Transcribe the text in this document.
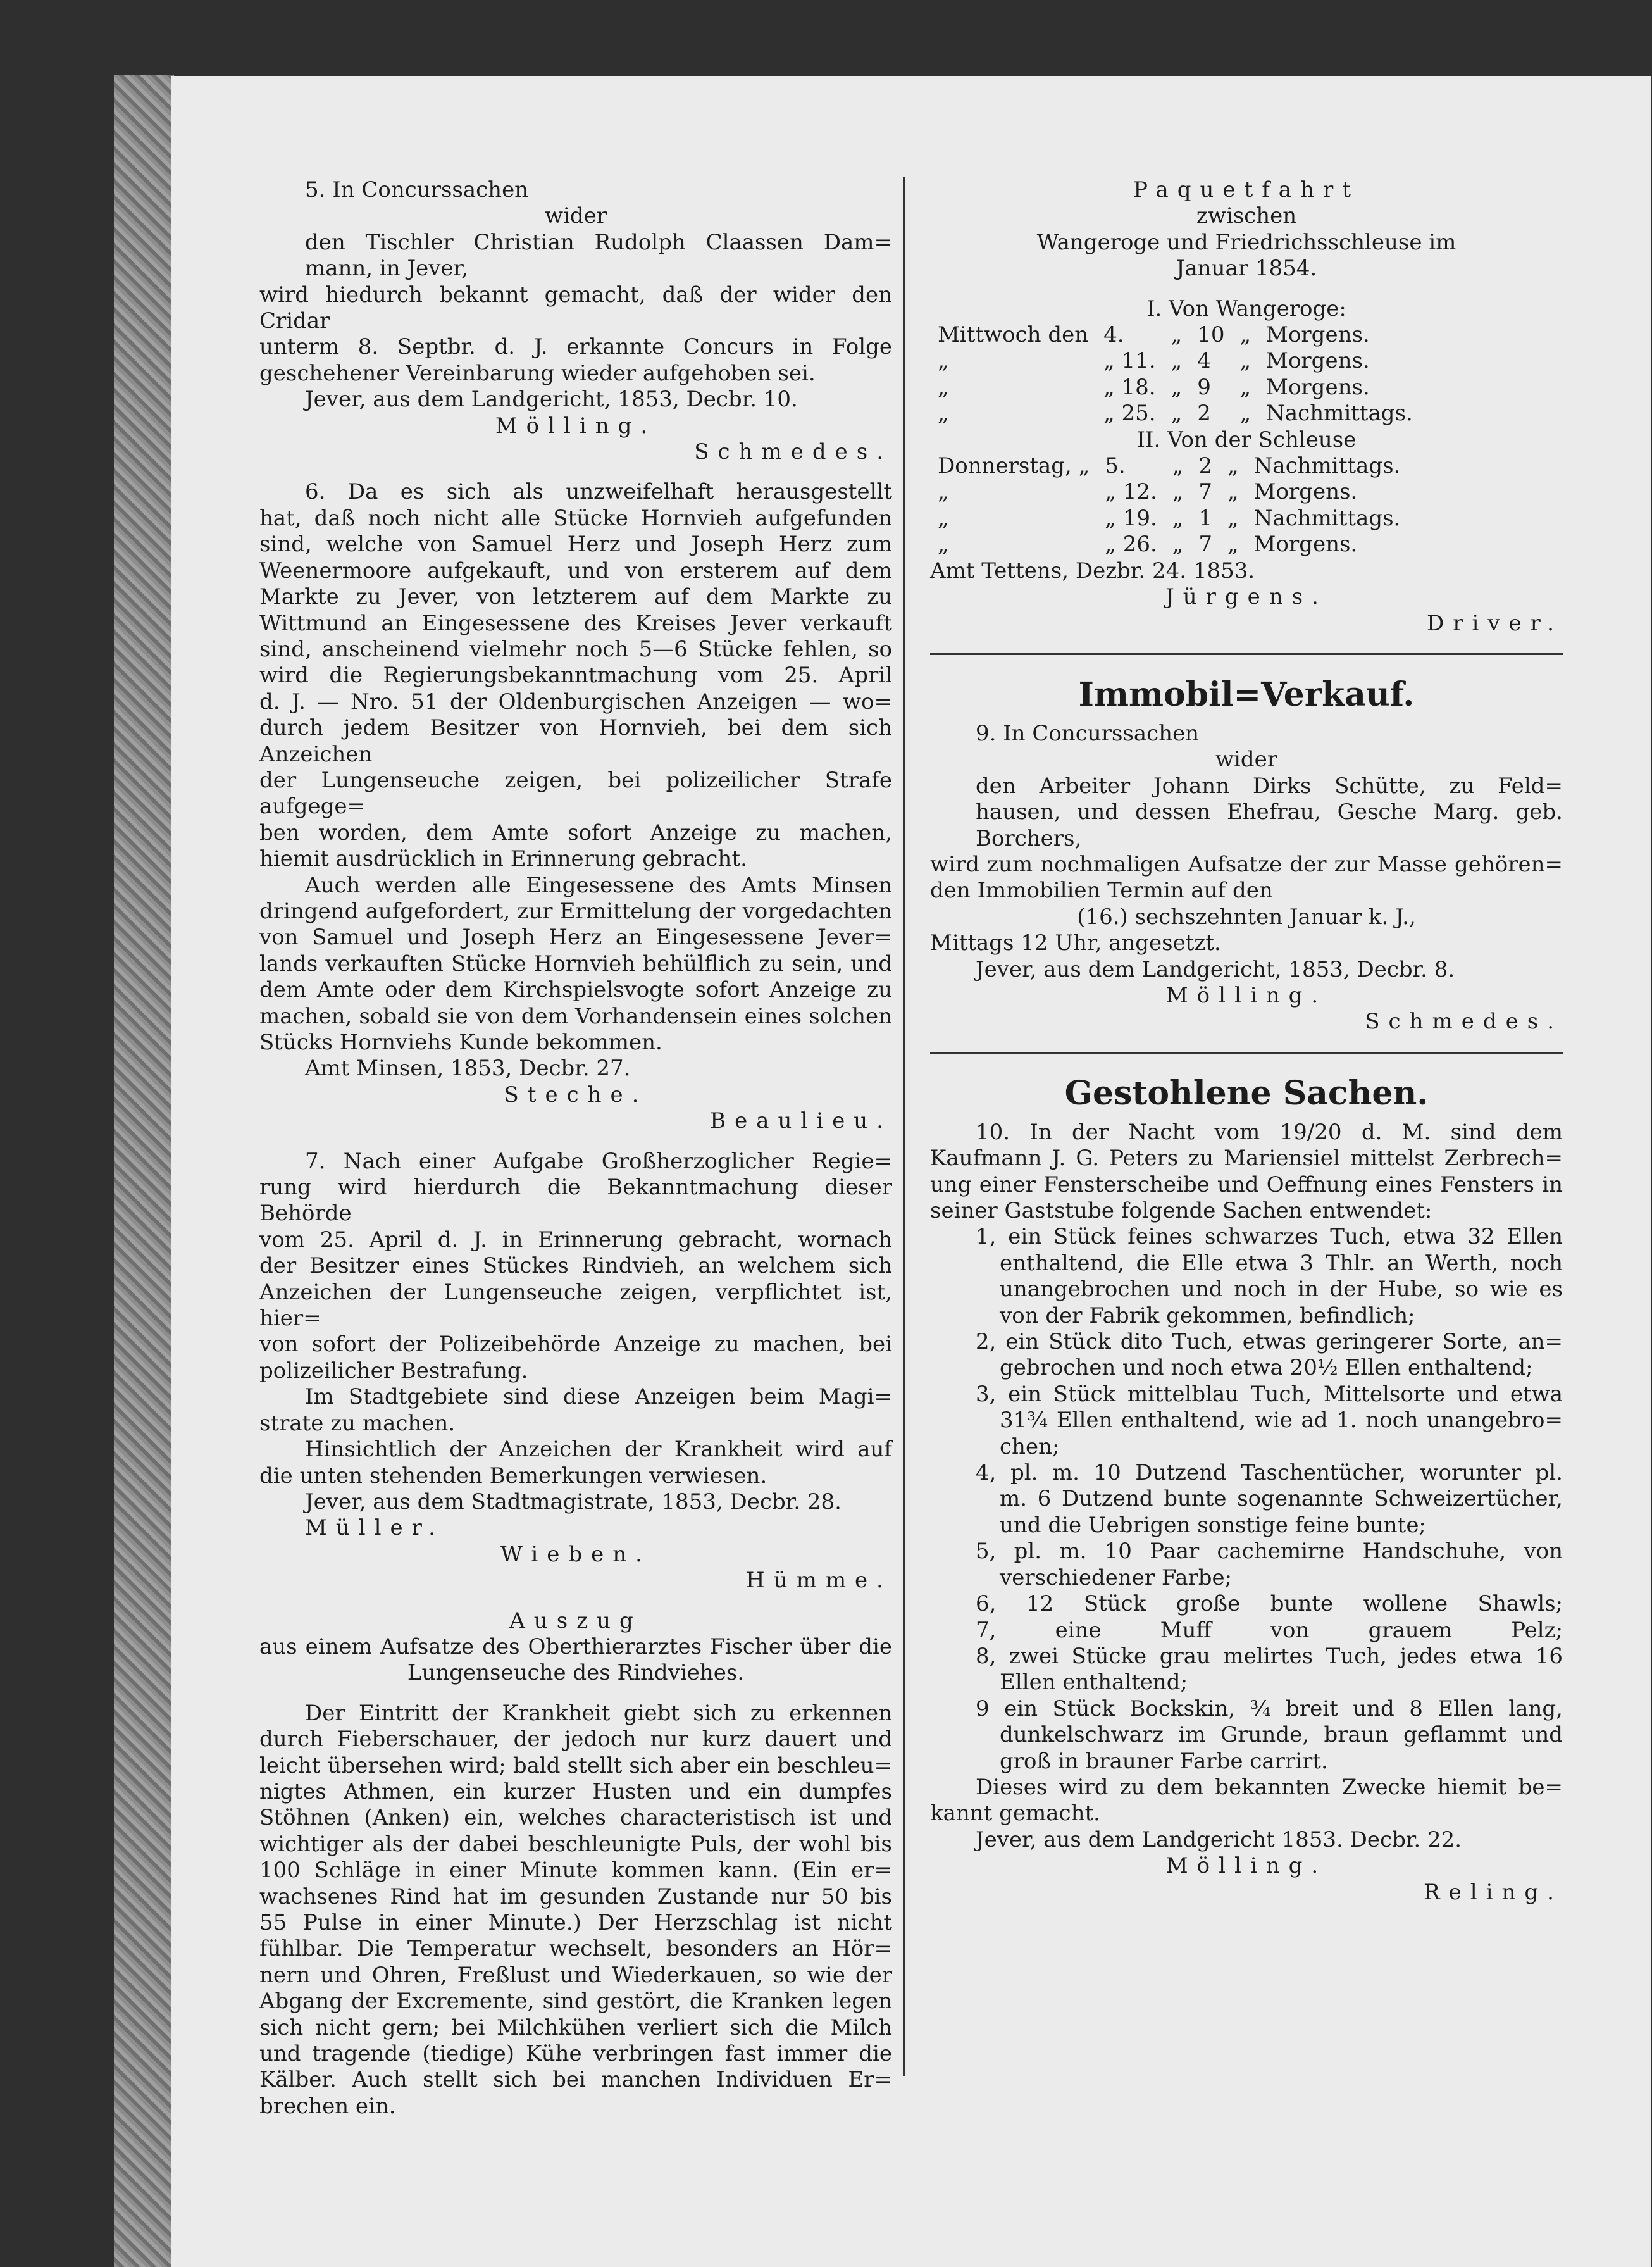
5. In Concurssachen
wider
den Tischler Christian Rudolph Claassen Dam=
mann, in Jever,
wird hiedurch bekannt gemacht, daß der wider den Cridar
unterm 8. Septbr. d. J. erkannte Concurs in Folge
geschehener Vereinbarung wieder aufgehoben sei.
Jever, aus dem Landgericht, 1853, Decbr. 10.
Mölling.
Schmedes.
6. Da es sich als unzweifelhaft herausgestellt
hat, daß noch nicht alle Stücke Hornvieh aufgefunden
sind, welche von Samuel Herz und Joseph Herz zum
Weenermoore aufgekauft, und von ersterem auf dem
Markte zu Jever, von letzterem auf dem Markte zu
Wittmund an Eingesessene des Kreises Jever verkauft
sind, anscheinend vielmehr noch 5—6 Stücke fehlen, so
wird die Regierungsbekanntmachung vom 25. April
d. J. — Nro. 51 der Oldenburgischen Anzeigen — wo=
durch jedem Besitzer von Hornvieh, bei dem sich Anzeichen
der Lungenseuche zeigen, bei polizeilicher Strafe aufgege=
ben worden, dem Amte sofort Anzeige zu machen,
hiemit ausdrücklich in Erinnerung gebracht.
Auch werden alle Eingesessene des Amts Minsen
dringend aufgefordert, zur Ermittelung der vorgedachten
von Samuel und Joseph Herz an Eingesessene Jever=
lands verkauften Stücke Hornvieh behülflich zu sein, und
dem Amte oder dem Kirchspielsvogte sofort Anzeige zu
machen, sobald sie von dem Vorhandensein eines solchen
Stücks Hornviehs Kunde bekommen.
Amt Minsen, 1853, Decbr. 27.
Steche.
Beaulieu.
7. Nach einer Aufgabe Großherzoglicher Regie=
rung wird hierdurch die Bekanntmachung dieser Behörde
vom 25. April d. J. in Erinnerung gebracht, wornach
der Besitzer eines Stückes Rindvieh, an welchem sich
Anzeichen der Lungenseuche zeigen, verpflichtet ist, hier=
von sofort der Polizeibehörde Anzeige zu machen, bei
polizeilicher Bestrafung.
Im Stadtgebiete sind diese Anzeigen beim Magi=
strate zu machen.
Hinsichtlich der Anzeichen der Krankheit wird auf
die unten stehenden Bemerkungen verwiesen.
Jever, aus dem Stadtmagistrate, 1853, Decbr. 28.
Müller.
Wieben.
Hümme.
Auszug
aus einem Aufsatze des Oberthierarztes Fischer über die
Lungenseuche des Rindviehes.
Der Eintritt der Krankheit giebt sich zu erkennen
durch Fieberschauer, der jedoch nur kurz dauert und
leicht übersehen wird; bald stellt sich aber ein beschleu=
nigtes Athmen, ein kurzer Husten und ein dumpfes
Stöhnen (Anken) ein, welches characteristisch ist und
wichtiger als der dabei beschleunigte Puls, der wohl bis
100 Schläge in einer Minute kommen kann. (Ein er=
wachsenes Rind hat im gesunden Zustande nur 50 bis
55 Pulse in einer Minute.) Der Herzschlag ist nicht
fühlbar. Die Temperatur wechselt, besonders an Hör=
nern und Ohren, Freßlust und Wiederkauen, so wie der
Abgang der Excremente, sind gestört, die Kranken legen
sich nicht gern; bei Milchkühen verliert sich die Milch
und tragende (tiedige) Kühe verbringen fast immer die
Kälber. Auch stellt sich bei manchen Individuen Er=
brechen ein.
Paquetfahrt
zwischen
Wangeroge und Friedrichsschleuse im
Januar 1854.
I. Von Wangeroge:
Mittwoch den	4.	„	10	„	Morgens.
„	„ 11.	„	4	„	Morgens.
„	„ 18.	„	9	„	Morgens.
„	„ 25.	„	2	„	Nachmittags.
II. Von der Schleuse
Donnerstag, „	5.	„	2	„	Nachmittags.
„	„ 12.	„	7	„	Morgens.
„	„ 19.	„	1	„	Nachmittags.
„	„ 26.	„	7	„	Morgens.
Amt Tettens, Dezbr. 24. 1853.
Jürgens.
Driver.
Immobil=Verkauf.
9. In Concurssachen
wider
den Arbeiter Johann Dirks Schütte, zu Feld=
hausen, und dessen Ehefrau, Gesche Marg. geb.
Borchers,
wird zum nochmaligen Aufsatze der zur Masse gehören=
den Immobilien Termin auf den
(16.) sechszehnten Januar k. J.,
Mittags 12 Uhr, angesetzt.
Jever, aus dem Landgericht, 1853, Decbr. 8.
Mölling.
Schmedes.
Gestohlene Sachen.
10. In der Nacht vom 19/20 d. M. sind dem
Kaufmann J. G. Peters zu Mariensiel mittelst Zerbrech=
ung einer Fensterscheibe und Oeffnung eines Fensters in
seiner Gaststube folgende Sachen entwendet:
1, ein Stück feines schwarzes Tuch, etwa 32 Ellen
enthaltend, die Elle etwa 3 Thlr. an Werth, noch
unangebrochen und noch in der Hube, so wie es
von der Fabrik gekommen, befindlich;
2, ein Stück dito Tuch, etwas geringerer Sorte, an=
gebrochen und noch etwa 20½ Ellen enthaltend;
3, ein Stück mittelblau Tuch, Mittelsorte und etwa
31¾ Ellen enthaltend, wie ad 1. noch unangebro=
chen;
4, pl. m. 10 Dutzend Taschentücher, worunter pl.
m. 6 Dutzend bunte sogenannte Schweizertücher,
und die Uebrigen sonstige feine bunte;
5, pl. m. 10 Paar cachemirne Handschuhe, von
verschiedener Farbe;
6, 12 Stück große bunte wollene Shawls;
7, eine Muff von grauem Pelz;
8, zwei Stücke grau melirtes Tuch, jedes etwa 16
Ellen enthaltend;
9 ein Stück Bockskin, ¾ breit und 8 Ellen lang,
dunkelschwarz im Grunde, braun geflammt und
groß in brauner Farbe carrirt.
Dieses wird zu dem bekannten Zwecke hiemit be=
kannt gemacht.
Jever, aus dem Landgericht 1853. Decbr. 22.
Mölling.
Reling.
